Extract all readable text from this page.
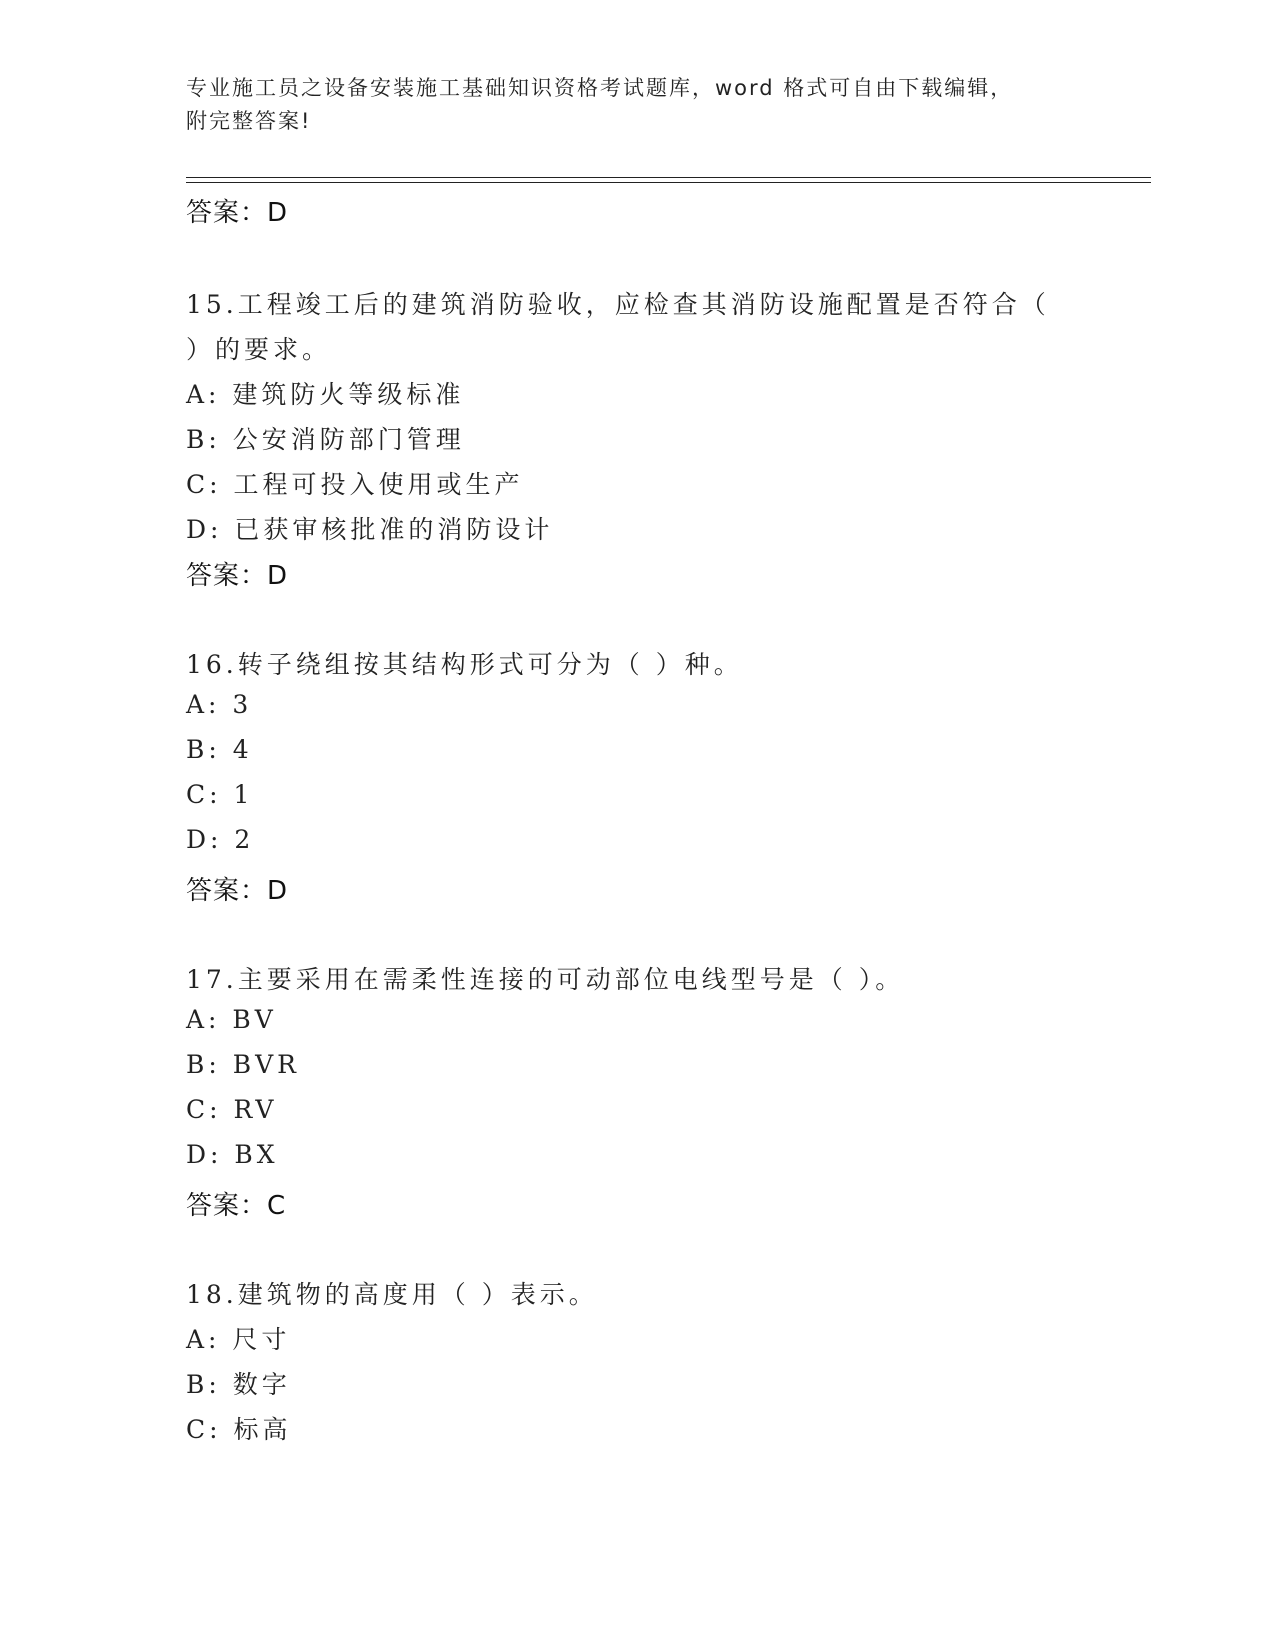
专业施工员之设备安装施工基础知识资格考试题库，word 格式可自由下载编辑，
附完整答案!
答案：D
15.工程竣工后的建筑消防验收，应检查其消防设施配置是否符合（
）的要求。
A: 建筑防火等级标准
B: 公安消防部门管理
C: 工程可投入使用或生产
D: 已获审核批准的消防设计
答案：D
16.转子绕组按其结构形式可分为（ ）种。
A: 3
B: 4
C: 1
D: 2
答案：D
17.主要采用在需柔性连接的可动部位电线型号是（ ）。
A: BV
B: BVR
C: RV
D: BX
答案：C
18.建筑物的高度用（ ）表示。
A: 尺寸
B: 数字
C: 标高
